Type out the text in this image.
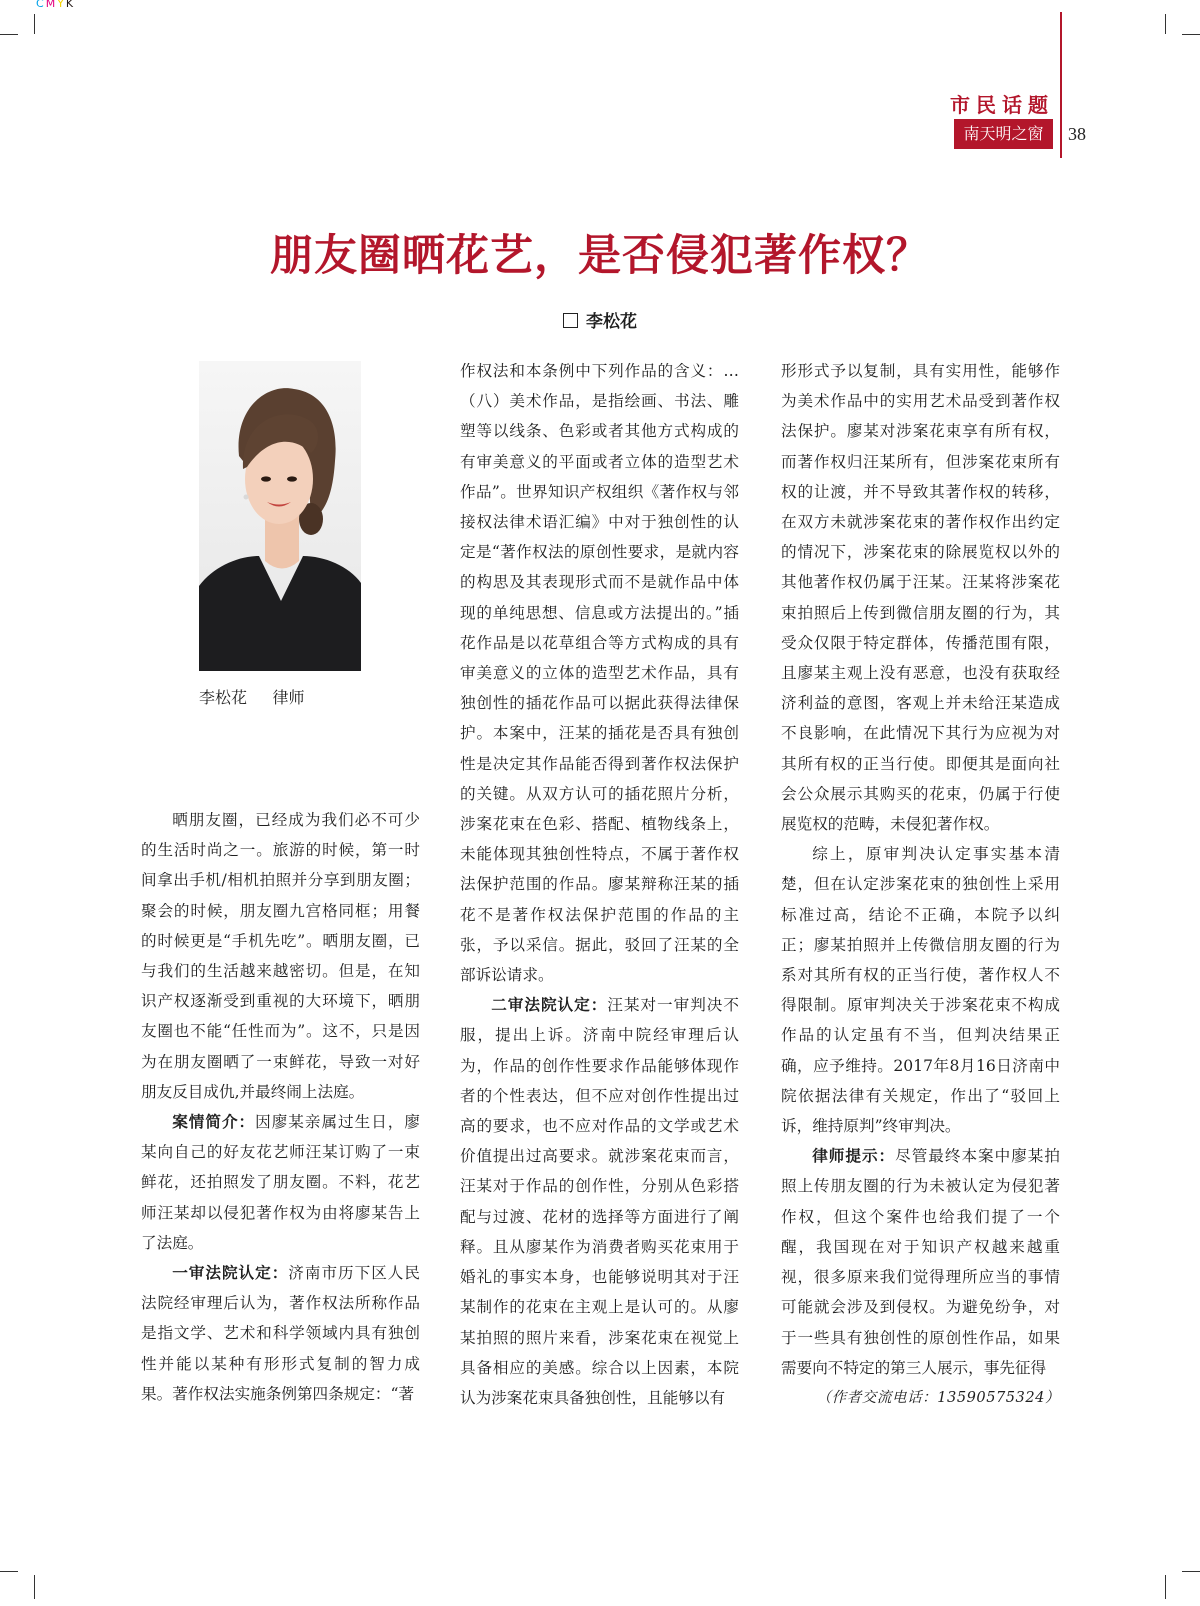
CMYK
市民话题
南天明之窗	38
朋友圈晒花艺，是否侵犯著作权？
李松花
李松花 律师

晒朋友圈，已经成为我们必不可少的生活时尚之一。旅游的时候，第一时间拿出手机/相机拍照并分享到朋友圈；聚会的时候，朋友圈九宫格同框；用餐的时候更是“手机先吃”。晒朋友圈，已与我们的生活越来越密切。但是，在知识产权逐渐受到重视的大环境下，晒朋友圈也不能“任性而为”。这不，只是因为在朋友圈晒了一束鲜花，导致一对好朋友反目成仇,并最终闹上法庭。

案情简介：因廖某亲属过生日，廖某向自己的好友花艺师汪某订购了一束鲜花，还拍照发了朋友圈。不料，花艺师汪某却以侵犯著作权为由将廖某告上了法庭。

一审法院认定：济南市历下区人民法院经审理后认为，著作权法所称作品是指文学、艺术和科学领域内具有独创性并能以某种有形形式复制的智力成果。著作权法实施条例第四条规定：“著

作权法和本条例中下列作品的含义：…（八）美术作品，是指绘画、书法、雕塑等以线条、色彩或者其他方式构成的有审美意义的平面或者立体的造型艺术作品”。世界知识产权组织《著作权与邻接权法律术语汇编》中对于独创性的认定是“著作权法的原创性要求，是就内容的构思及其表现形式而不是就作品中体现的单纯思想、信息或方法提出的。”插花作品是以花草组合等方式构成的具有审美意义的立体的造型艺术作品，具有独创性的插花作品可以据此获得法律保护。本案中，汪某的插花是否具有独创性是决定其作品能否得到著作权法保护的关键。从双方认可的插花照片分析，涉案花束在色彩、搭配、植物线条上，未能体现其独创性特点，不属于著作权法保护范围的作品。廖某辩称汪某的插花不是著作权法保护范围的作品的主张，予以采信。据此，驳回了汪某的全部诉讼请求。

二审法院认定：汪某对一审判决不服，提出上诉。济南中院经审理后认为，作品的创作性要求作品能够体现作者的个性表达，但不应对创作性提出过高的要求，也不应对作品的文学或艺术价值提出过高要求。就涉案花束而言，汪某对于作品的创作性，分别从色彩搭配与过渡、花材的选择等方面进行了阐释。且从廖某作为消费者购买花束用于婚礼的事实本身，也能够说明其对于汪某制作的花束在主观上是认可的。从廖某拍照的照片来看，涉案花束在视觉上具备相应的美感。综合以上因素，本院认为涉案花束具备独创性，且能够以有

形形式予以复制，具有实用性，能够作为美术作品中的实用艺术品受到著作权法保护。廖某对涉案花束享有所有权，而著作权归汪某所有，但涉案花束所有权的让渡，并不导致其著作权的转移，在双方未就涉案花束的著作权作出约定的情况下，涉案花束的除展览权以外的其他著作权仍属于汪某。汪某将涉案花束拍照后上传到微信朋友圈的行为，其受众仅限于特定群体，传播范围有限，且廖某主观上没有恶意，也没有获取经济利益的意图，客观上并未给汪某造成不良影响，在此情况下其行为应视为对其所有权的正当行使。即便其是面向社会公众展示其购买的花束，仍属于行使展览权的范畴，未侵犯著作权。

综上，原审判决认定事实基本清楚，但在认定涉案花束的独创性上采用标准过高，结论不正确，本院予以纠正；廖某拍照并上传微信朋友圈的行为系对其所有权的正当行使，著作权人不得限制。原审判决关于涉案花束不构成作品的认定虽有不当，但判决结果正确，应予维持。2017年8月16日济南中院依据法律有关规定，作出了“驳回上诉，维持原判”终审判决。

律师提示：尽管最终本案中廖某拍照上传朋友圈的行为未被认定为侵犯著作权，但这个案件也给我们提了一个醒，我国现在对于知识产权越来越重视，很多原来我们觉得理所应当的事情可能就会涉及到侵权。为避免纷争，对于一些具有独创性的原创性作品，如果需要向不特定的第三人展示，事先征得

（作者交流电话：13590575324）
